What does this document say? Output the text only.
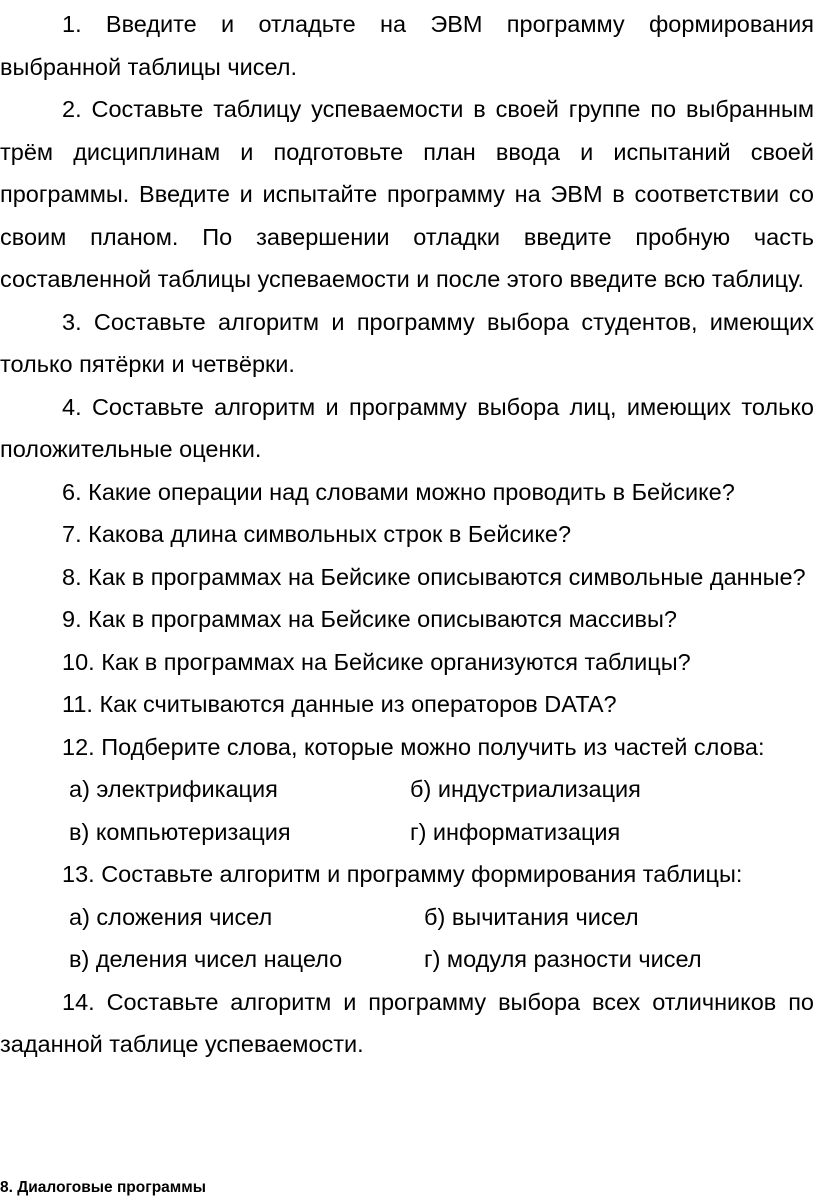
1. Введите и отладьте на ЭВМ программу формирования выбранной таблицы чисел.

2. Составьте таблицу успеваемости в своей группе по выбранным трём дисциплинам и подготовьте план ввода и испытаний своей программы. Введите и испытайте программу на ЭВМ в соответствии со своим планом. По завершении отладки введите пробную часть составленной таблицы успеваемости и после этого введите всю таблицу.

3. Составьте алгоритм и программу выбора студентов, имеющих только пятёрки и четвёрки.

4. Составьте алгоритм и программу выбора лиц, имеющих только положительные оценки.

6. Какие операции над словами можно проводить в Бейсике?

7. Какова длина символьных строк в Бейсике?

8. Как в программах на Бейсике описываются символьные данные?

9. Как в программах на Бейсике описываются массивы?

10. Как в программах на Бейсике организуются таблицы?

11. Как считываются данные из операторов DATA?

12. Подберите слова, которые можно получить из частей слова:

а) электрификация	б) индустриализация
в) компьютеризация	г) информатизация

13. Составьте алгоритм и программу формирования таблицы:

а) сложения чисел	б) вычитания чисел
в) деления чисел нацело	г) модуля разности чисел

14. Составьте алгоритм и программу выбора всех отличников по заданной таблице успеваемости.

8. Диалоговые программы
